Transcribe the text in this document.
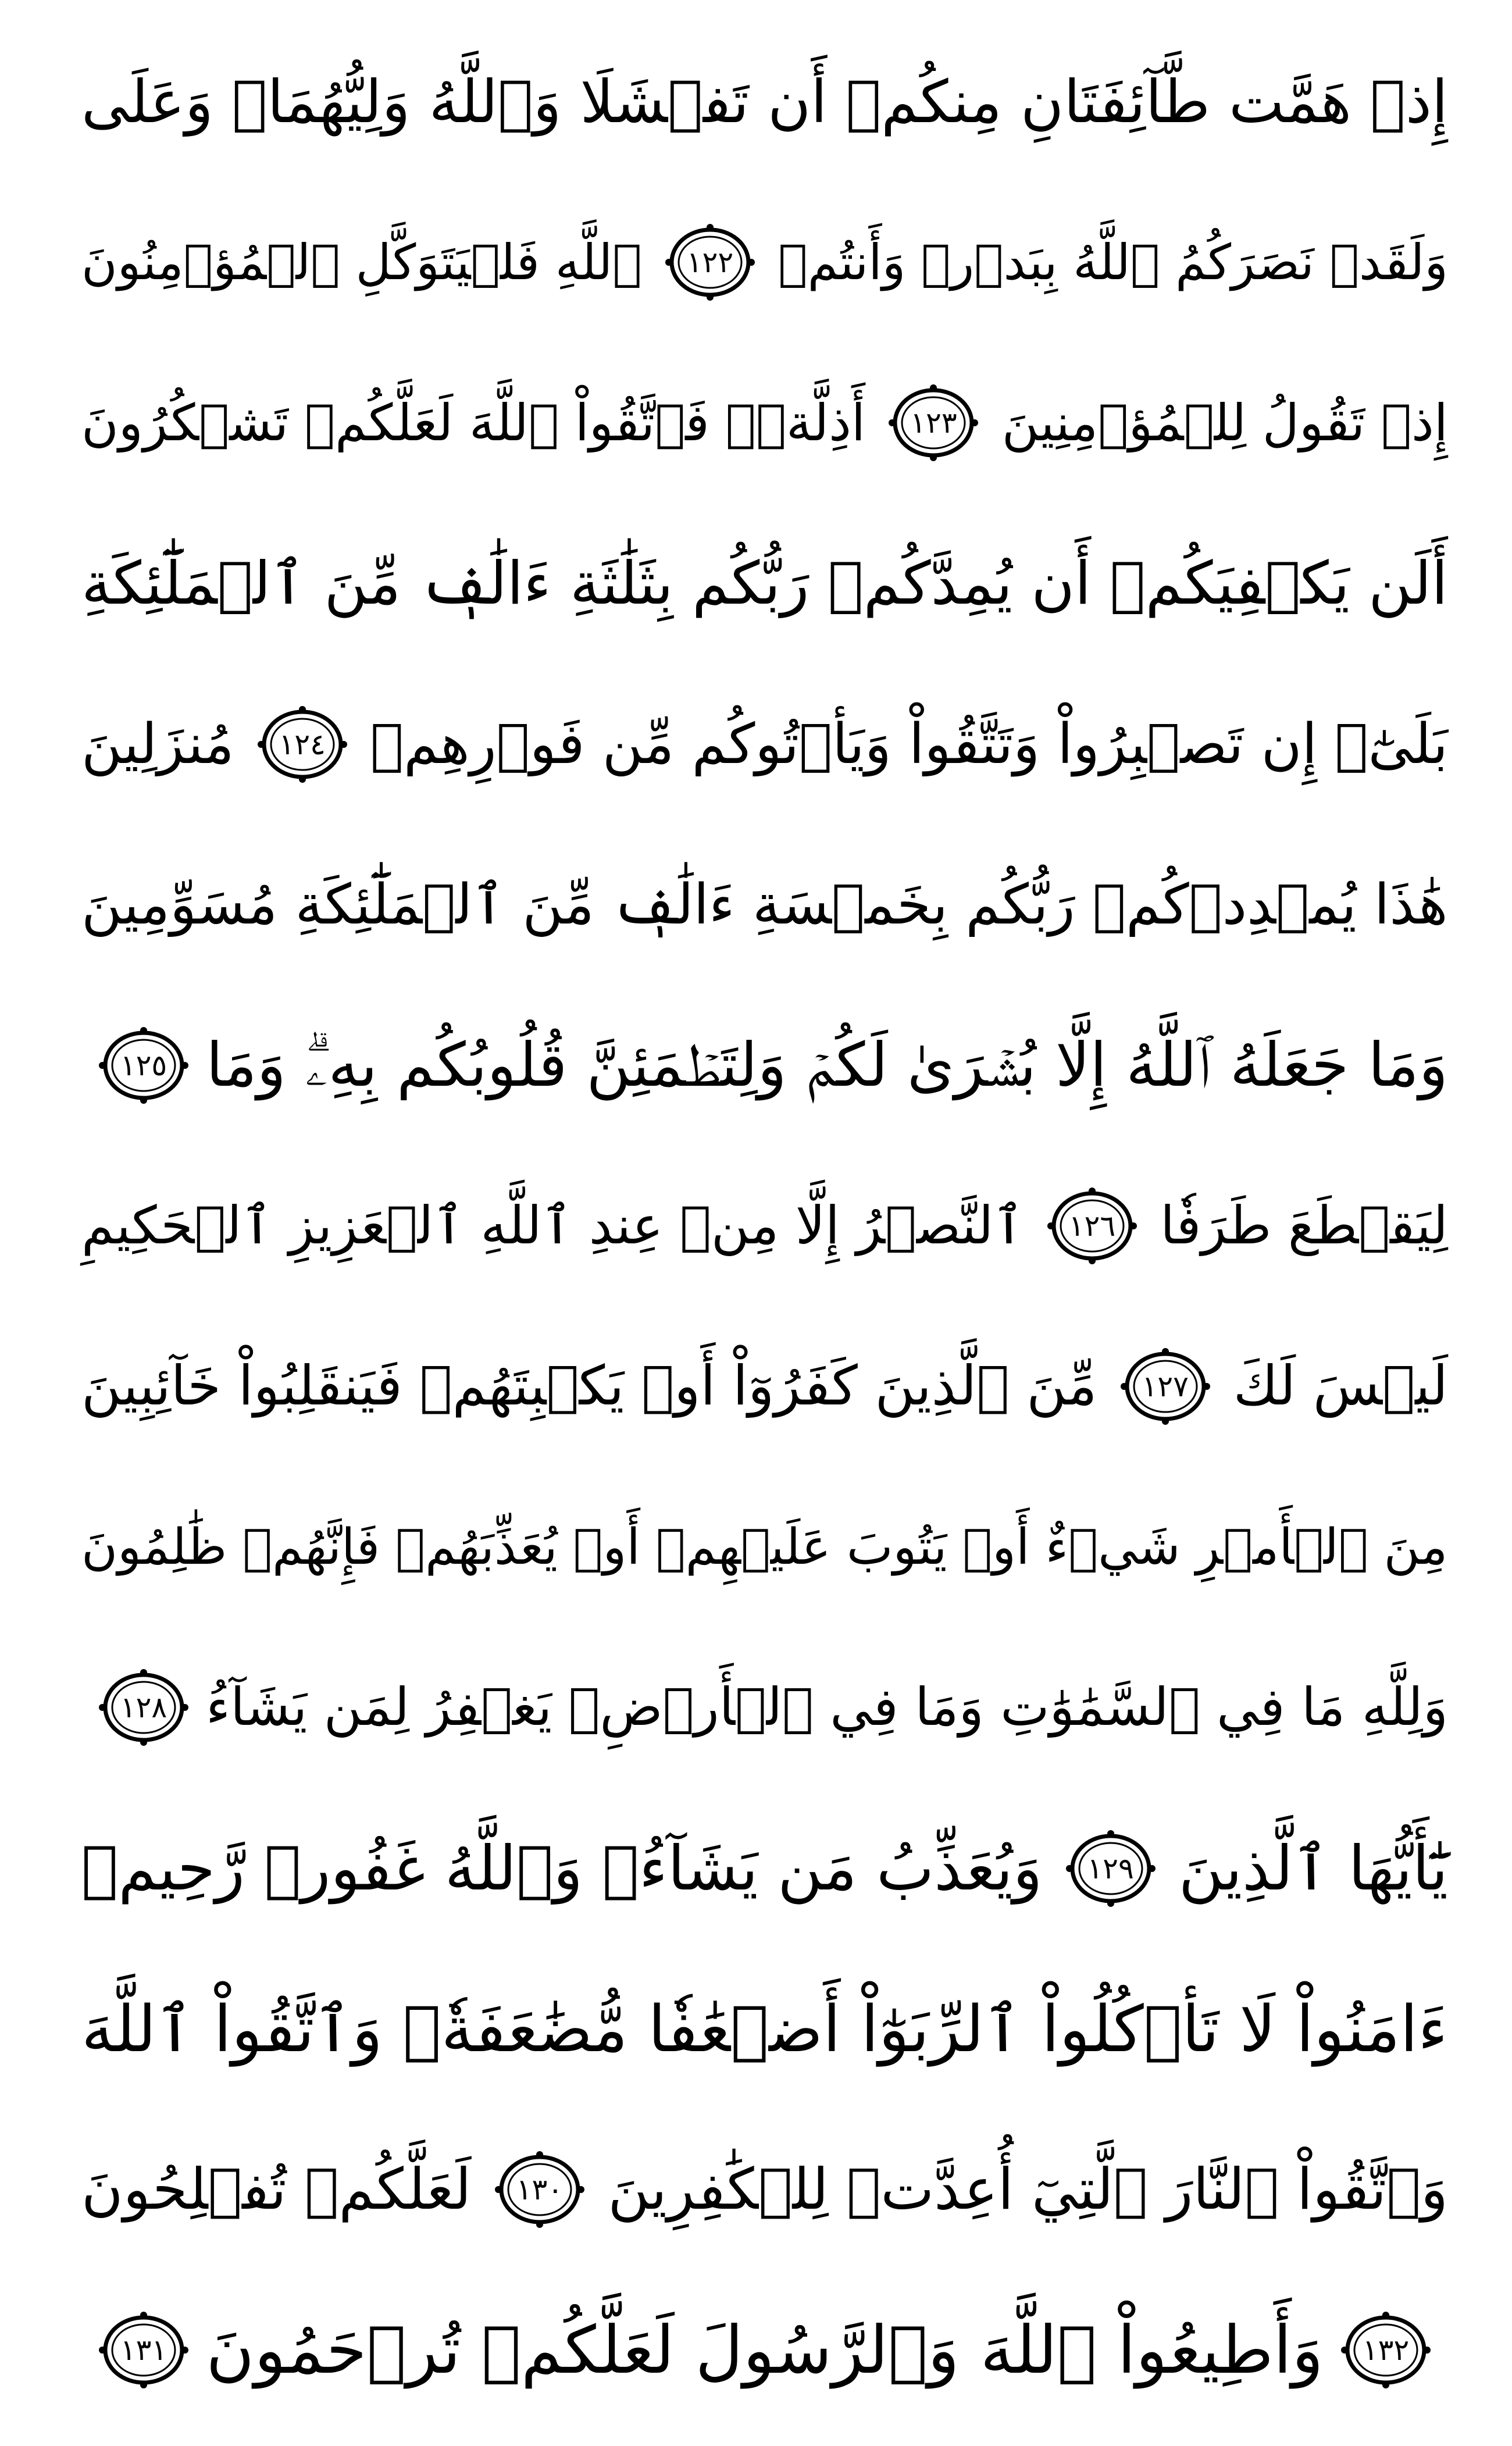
إِذۡ هَمَّت طَّآئِفَتَانِ مِنكُمۡ أَن تَفۡشَلَا وَٱللَّهُ وَلِيُّهُمَاۗ وَعَلَى
ٱللَّهِ فَلۡيَتَوَكَّلِ ٱلۡمُؤۡمِنُونَ ١٢٢ وَلَقَدۡ نَصَرَكُمُ ٱللَّهُ بِبَدۡرٖ وَأَنتُمۡ
أَذِلَّةٞۖ فَٱتَّقُواْ ٱللَّهَ لَعَلَّكُمۡ تَشۡكُرُونَ ١٢٣ إِذۡ تَقُولُ لِلۡمُؤۡمِنِينَ
أَلَن يَكۡفِيَكُمۡ أَن يُمِدَّكُمۡ رَبُّكُم بِثَلَٰثَةِ ءَالَٰفٖ مِّنَ ٱلۡمَلَٰٓئِكَةِ
مُنزَلِينَ ١٢٤ بَلَىٰٓۚ إِن تَصۡبِرُواْ وَتَتَّقُواْ وَيَأۡتُوكُم مِّن فَوۡرِهِمۡ
هَٰذَا يُمۡدِدۡكُمۡ رَبُّكُم بِخَمۡسَةِ ءَالَٰفٖ مِّنَ ٱلۡمَلَٰٓئِكَةِ مُسَوِّمِينَ
١٢٥ وَمَا جَعَلَهُ ٱللَّهُ إِلَّا بُشۡرَىٰ لَكُمۡ وَلِتَطۡمَئِنَّ قُلُوبُكُم بِهِۦۗ وَمَا
ٱلنَّصۡرُ إِلَّا مِنۡ عِندِ ٱللَّهِ ٱلۡعَزِيزِ ٱلۡحَكِيمِ ١٢٦ لِيَقۡطَعَ طَرَفٗا
مِّنَ ٱلَّذِينَ كَفَرُوٓاْ أَوۡ يَكۡبِتَهُمۡ فَيَنقَلِبُواْ خَآئِبِينَ ١٢٧ لَيۡسَ لَكَ
مِنَ ٱلۡأَمۡرِ شَيۡءٌ أَوۡ يَتُوبَ عَلَيۡهِمۡ أَوۡ يُعَذِّبَهُمۡ فَإِنَّهُمۡ ظَٰلِمُونَ
١٢٨ وَلِلَّهِ مَا فِي ٱلسَّمَٰوَٰتِ وَمَا فِي ٱلۡأَرۡضِۚ يَغۡفِرُ لِمَن يَشَآءُ
وَيُعَذِّبُ مَن يَشَآءُۚ وَٱللَّهُ غَفُورٞ رَّحِيمٞ ١٢٩ يَٰٓأَيُّهَا ٱلَّذِينَ
ءَامَنُواْ لَا تَأۡكُلُواْ ٱلرِّبَوٰٓاْ أَضۡعَٰفٗا مُّضَٰعَفَةٗۖ وَٱتَّقُواْ ٱللَّهَ
لَعَلَّكُمۡ تُفۡلِحُونَ ١٣٠ وَٱتَّقُواْ ٱلنَّارَ ٱلَّتِيٓ أُعِدَّتۡ لِلۡكَٰفِرِينَ
١٣١ وَأَطِيعُواْ ٱللَّهَ وَٱلرَّسُولَ لَعَلَّكُمۡ تُرۡحَمُونَ ١٣٢
